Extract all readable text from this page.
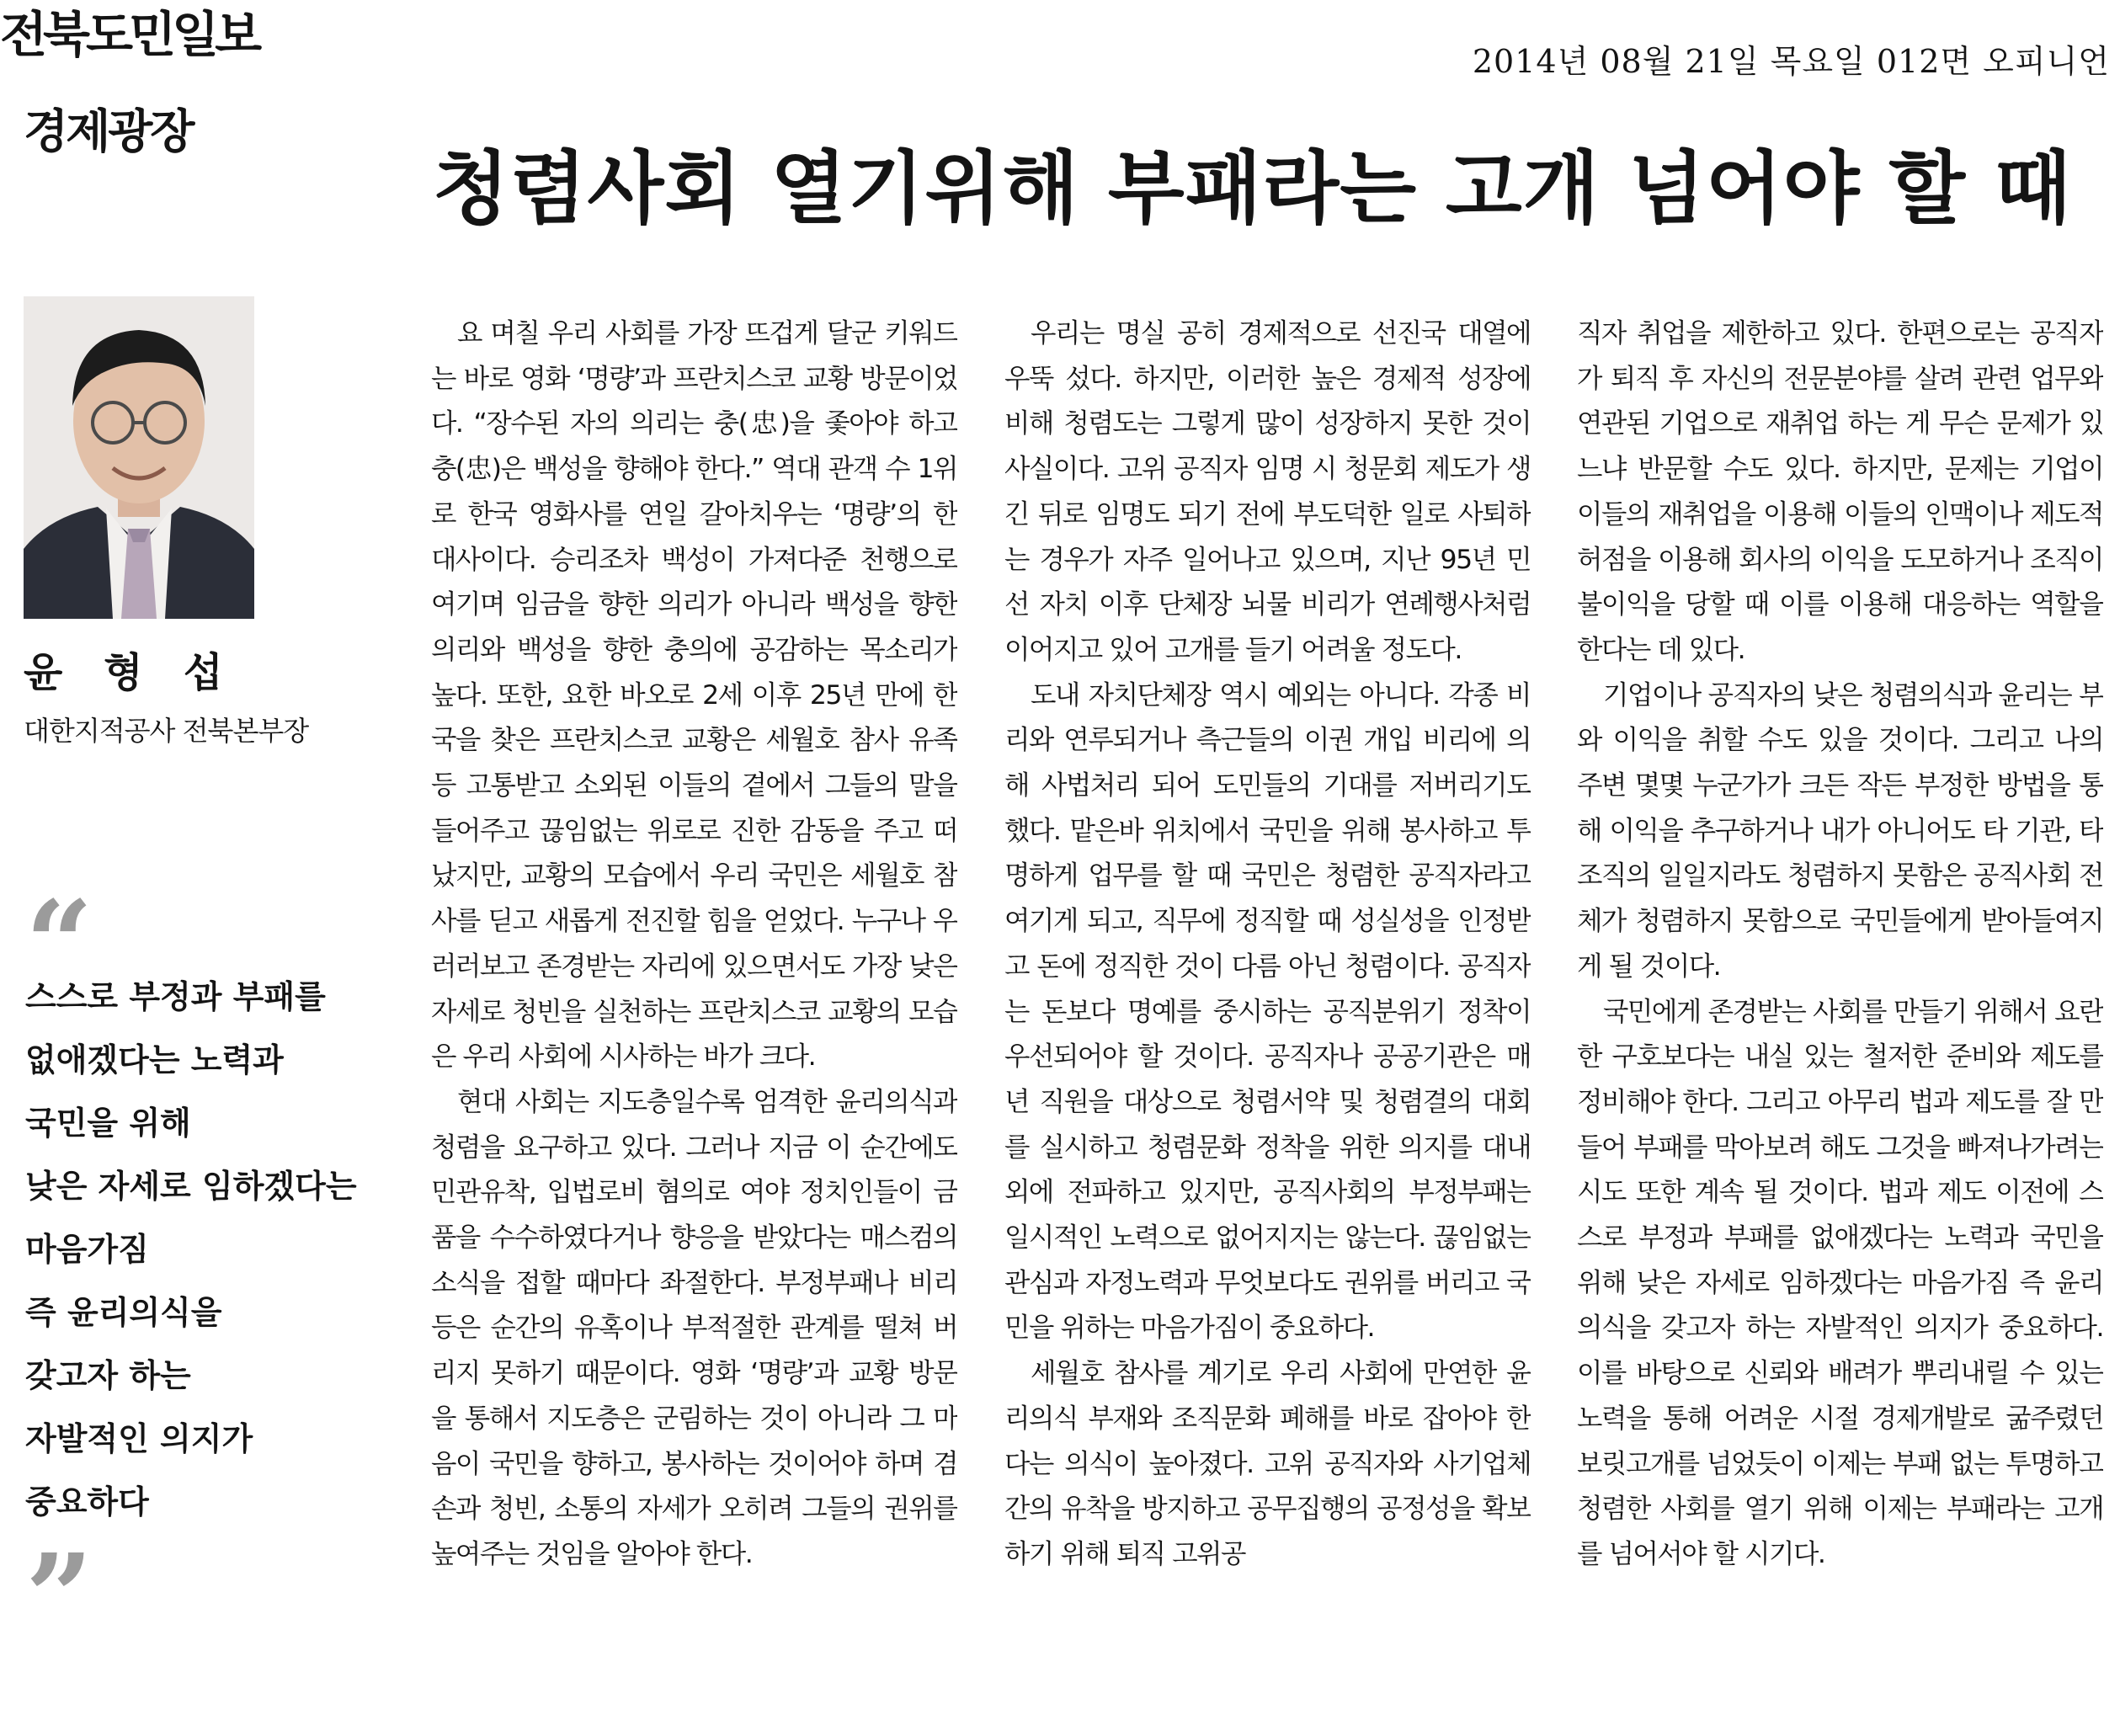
전북도민일보	2014년 08월 21일 목요일 012면 오피니언
경제광장
청렴사회 열기위해 부패라는 고개 넘어야 할 때
윤 형 섭
대한지적공사 전북본부장
“
스스로 부정과 부패를
없애겠다는 노력과
국민을 위해
낮은 자세로 임하겠다는
마음가짐
즉 윤리의식을
갖고자 하는
자발적인 의지가
중요하다
”

요 며칠 우리 사회를 가장 뜨겁게 달군 키워드는 바로 영화 ‘명량’과 프란치스코 교황 방문이었다. “장수된 자의 의리는 충(忠)을 좇아야 하고 충(忠)은 백성을 향해야 한다.” 역대 관객 수 1위로 한국 영화사를 연일 갈아치우는 ‘명량’의 한 대사이다. 승리조차 백성이 가져다준 천행으로 여기며 임금을 향한 의리가 아니라 백성을 향한 의리와 백성을 향한 충의에 공감하는 목소리가 높다. 또한, 요한 바오로 2세 이후 25년 만에 한국을 찾은 프란치스코 교황은 세월호 참사 유족 등 고통받고 소외된 이들의 곁에서 그들의 말을 들어주고 끊임없는 위로로 진한 감동을 주고 떠났지만, 교황의 모습에서 우리 국민은 세월호 참사를 딛고 새롭게 전진할 힘을 얻었다. 누구나 우러러보고 존경받는 자리에 있으면서도 가장 낮은 자세로 청빈을 실천하는 프란치스코 교황의 모습은 우리 사회에 시사하는 바가 크다.

현대 사회는 지도층일수록 엄격한 윤리의식과 청렴을 요구하고 있다. 그러나 지금 이 순간에도 민관유착, 입법로비 혐의로 여야 정치인들이 금품을 수수하였다거나 향응을 받았다는 매스컴의 소식을 접할 때마다 좌절한다. 부정부패나 비리 등은 순간의 유혹이나 부적절한 관계를 떨쳐 버리지 못하기 때문이다. 영화 ‘명량’과 교황 방문을 통해서 지도층은 군림하는 것이 아니라 그 마음이 국민을 향하고, 봉사하는 것이어야 하며 겸손과 청빈, 소통의 자세가 오히려 그들의 권위를 높여주는 것임을 알아야 한다.

우리는 명실 공히 경제적으로 선진국 대열에 우뚝 섰다. 하지만, 이러한 높은 경제적 성장에 비해 청렴도는 그렇게 많이 성장하지 못한 것이 사실이다. 고위 공직자 임명 시 청문회 제도가 생긴 뒤로 임명도 되기 전에 부도덕한 일로 사퇴하는 경우가 자주 일어나고 있으며, 지난 95년 민선 자치 이후 단체장 뇌물 비리가 연례행사처럼 이어지고 있어 고개를 들기 어려울 정도다.

도내 자치단체장 역시 예외는 아니다. 각종 비리와 연루되거나 측근들의 이권 개입 비리에 의해 사법처리 되어 도민들의 기대를 저버리기도 했다. 맡은바 위치에서 국민을 위해 봉사하고 투명하게 업무를 할 때 국민은 청렴한 공직자라고 여기게 되고, 직무에 정직할 때 성실성을 인정받고 돈에 정직한 것이 다름 아닌 청렴이다. 공직자는 돈보다 명예를 중시하는 공직분위기 정착이 우선되어야 할 것이다. 공직자나 공공기관은 매년 직원을 대상으로 청렴서약 및 청렴결의 대회를 실시하고 청렴문화 정착을 위한 의지를 대내외에 전파하고 있지만, 공직사회의 부정부패는 일시적인 노력으로 없어지지는 않는다. 끊임없는 관심과 자정노력과 무엇보다도 권위를 버리고 국민을 위하는 마음가짐이 중요하다.

세월호 참사를 계기로 우리 사회에 만연한 윤리의식 부재와 조직문화 폐해를 바로 잡아야 한다는 의식이 높아졌다. 고위 공직자와 사기업체 간의 유착을 방지하고 공무집행의 공정성을 확보하기 위해 퇴직 고위공

직자 취업을 제한하고 있다. 한편으로는 공직자가 퇴직 후 자신의 전문분야를 살려 관련 업무와 연관된 기업으로 재취업 하는 게 무슨 문제가 있느냐 반문할 수도 있다. 하지만, 문제는 기업이 이들의 재취업을 이용해 이들의 인맥이나 제도적 허점을 이용해 회사의 이익을 도모하거나 조직이 불이익을 당할 때 이를 이용해 대응하는 역할을 한다는 데 있다.

기업이나 공직자의 낮은 청렴의식과 윤리는 부와 이익을 취할 수도 있을 것이다. 그리고 나의 주변 몇몇 누군가가 크든 작든 부정한 방법을 통해 이익을 추구하거나 내가 아니어도 타 기관, 타 조직의 일일지라도 청렴하지 못함은 공직사회 전체가 청렴하지 못함으로 국민들에게 받아들여지게 될 것이다.

국민에게 존경받는 사회를 만들기 위해서 요란한 구호보다는 내실 있는 철저한 준비와 제도를 정비해야 한다. 그리고 아무리 법과 제도를 잘 만들어 부패를 막아보려 해도 그것을 빠져나가려는 시도 또한 계속 될 것이다. 법과 제도 이전에 스스로 부정과 부패를 없애겠다는 노력과 국민을 위해 낮은 자세로 임하겠다는 마음가짐 즉 윤리의식을 갖고자 하는 자발적인 의지가 중요하다. 이를 바탕으로 신뢰와 배려가 뿌리내릴 수 있는 노력을 통해 어려운 시절 경제개발로 굶주렸던 보릿고개를 넘었듯이 이제는 부패 없는 투명하고 청렴한 사회를 열기 위해 이제는 부패라는 고개를 넘어서야 할 시기다.
